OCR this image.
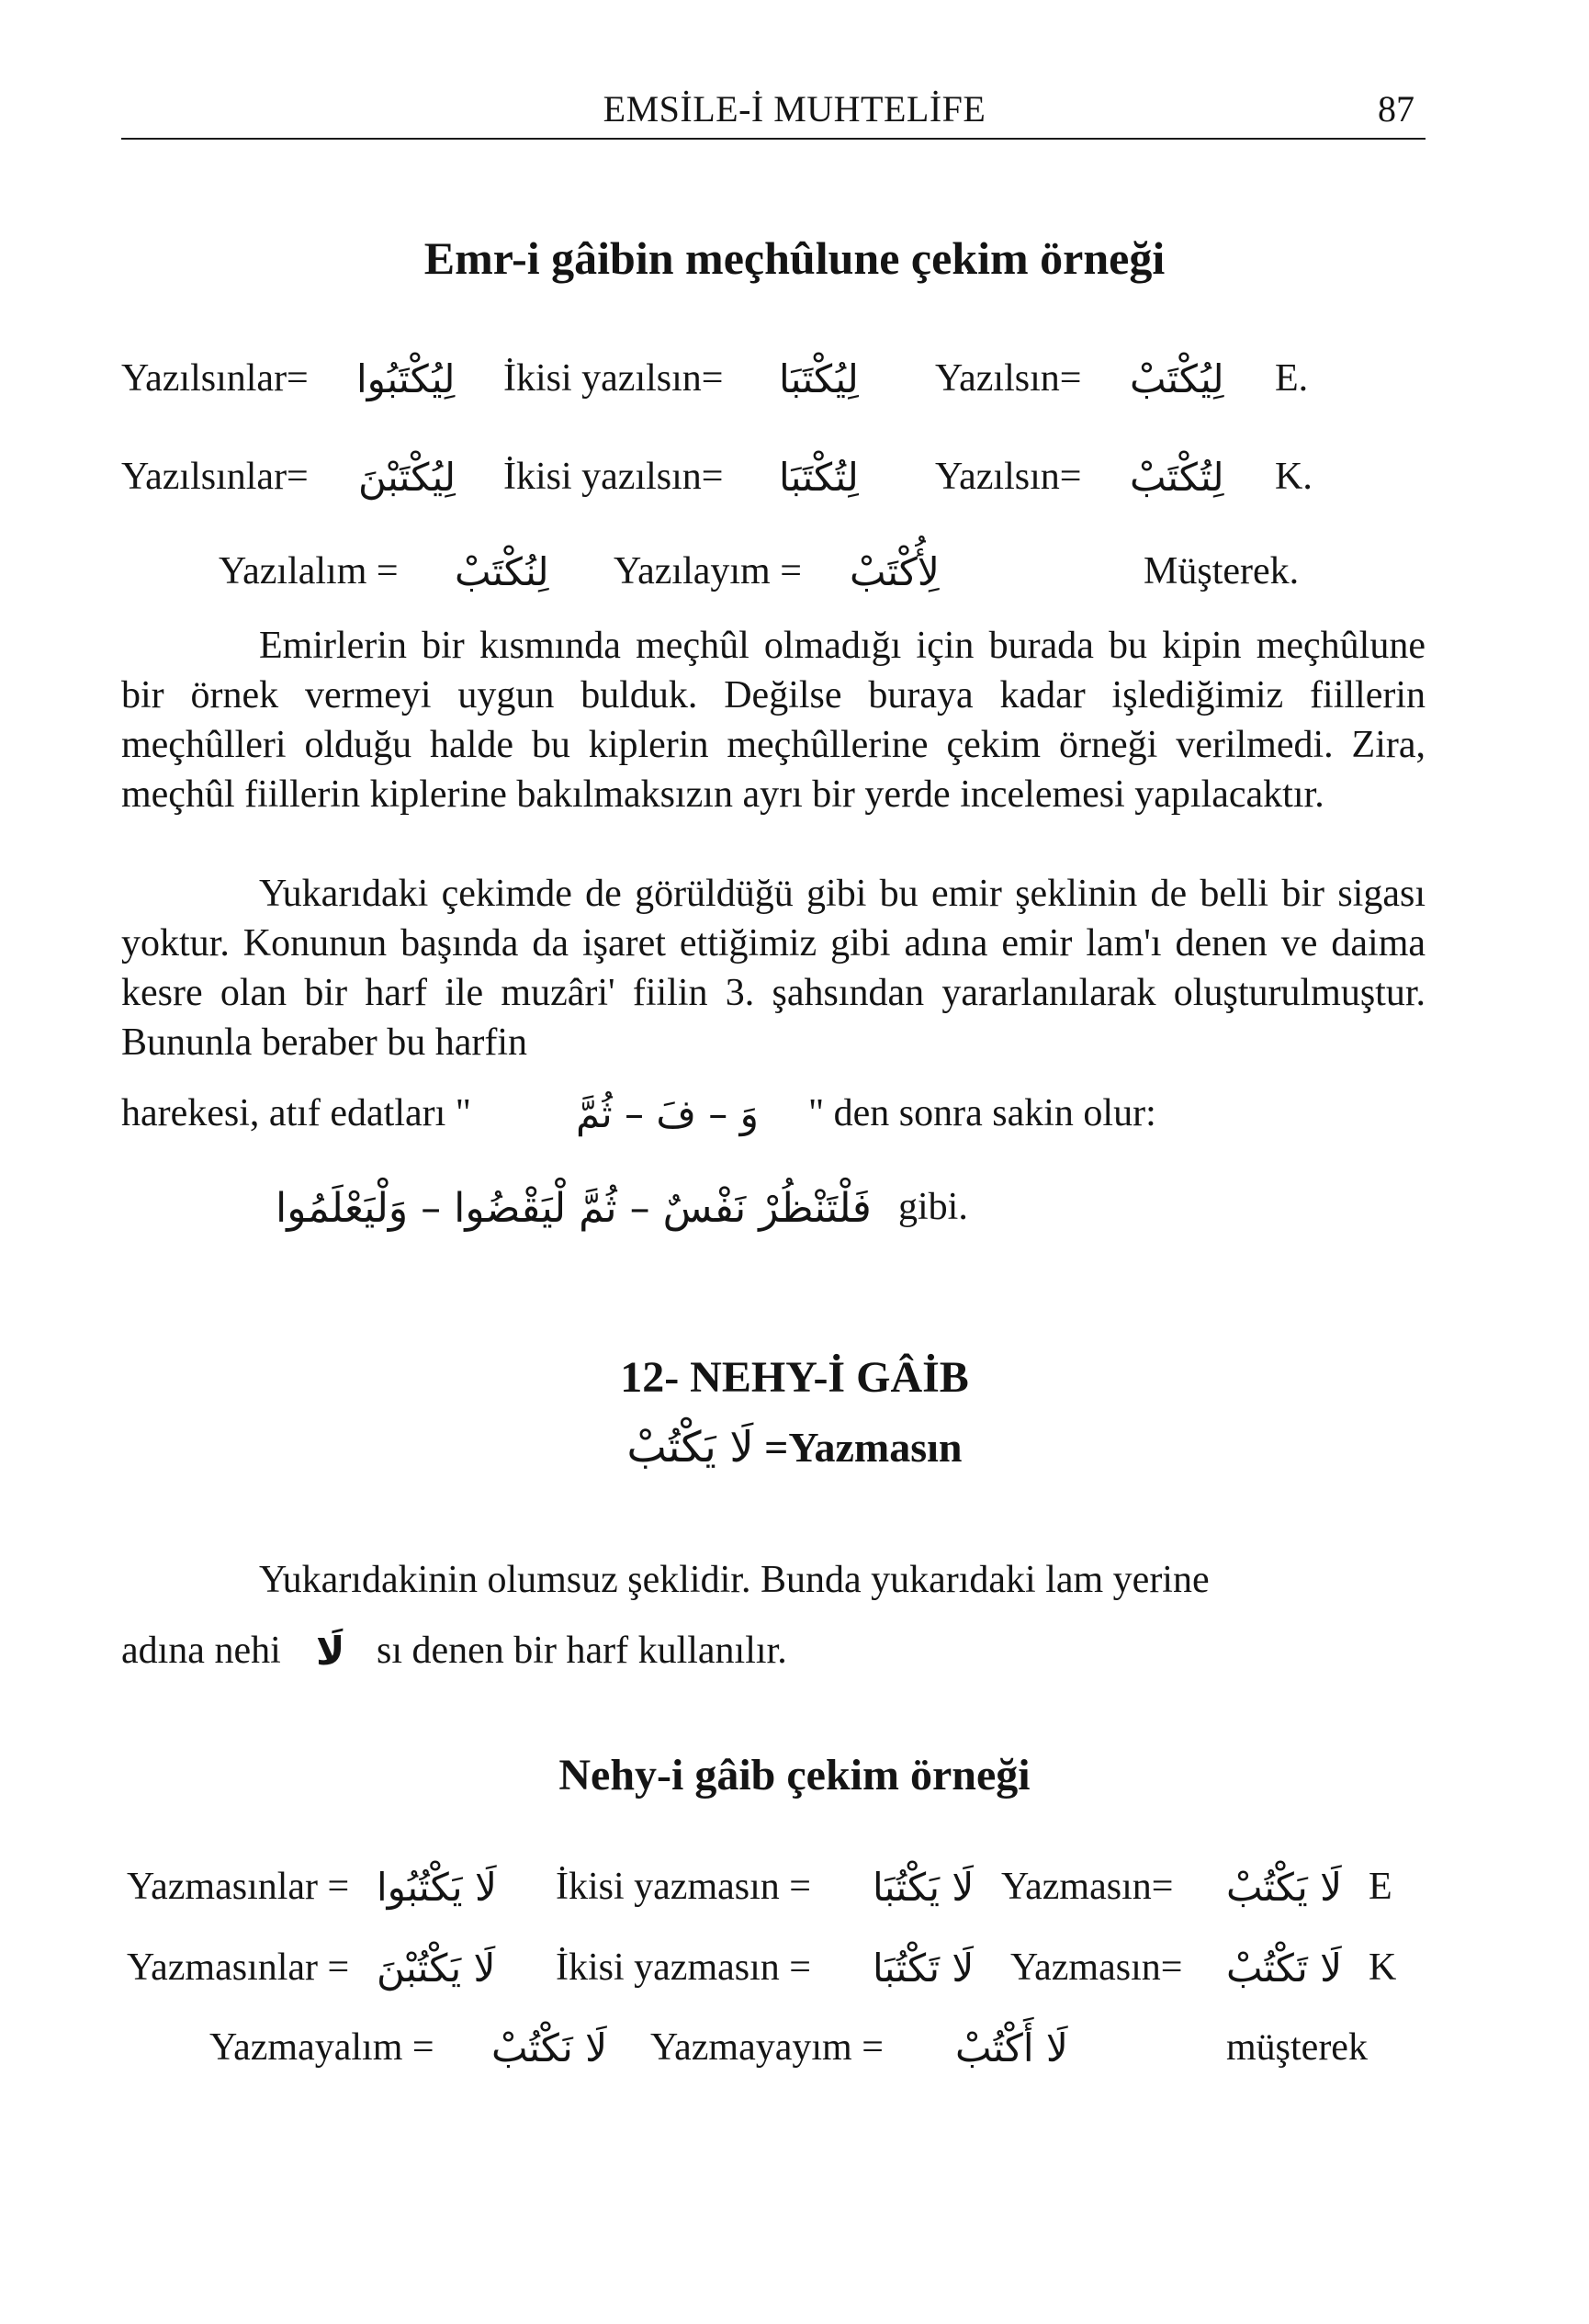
EMSİLE-İ MUHTELİFE	87
Emr-i gâibin meçhûlune çekim örneği
Yazılsınlar= لِيُكْتَبُوا İkisi yazılsın= لِيُكْتَبَا Yazılsın= لِيُكْتَبْ E.
Yazılsınlar= لِيُكْتَبْنَ İkisi yazılsın= لِتُكْتَبَا Yazılsın= لِتُكْتَبْ K.
Yazılalım = لِنُكْتَبْ Yazılayım = لِأُكْتَبْ	Müşterek.
Emirlerin bir kısmında meçhûl olmadığı için burada bu kipin meçhûlune bir örnek vermeyi uygun bulduk. Değilse buraya kadar işlediğimiz fiillerin meçhûlleri olduğu halde bu kiplerin meçhûllerine çekim örneği verilmedi. Zira, meçhûl fiillerin kiplerine bakılmaksızın ayrı bir yerde incelemesi yapılacaktır.
Yukarıdaki çekimde de görüldüğü gibi bu emir şeklinin de belli bir sigası yoktur. Konunun başında da işaret ettiğimiz gibi adına emir lam'ı denen ve daima kesre olan bir harf ile muzâri' fiilin 3. şahsından yararlanılarak oluşturulmuştur. Bununla beraber bu harfin
harekesi, atıf edatları "	وَ – فَ – ثُمَّ " den sonra sakin olur:
فَلْتَنْظُرْ نَفْسٌ – ثُمَّ لْيَقْضُوا – وَلْيَعْلَمُوا gibi.
12- NEHY-İ GÂİB
لَا يَكْتُبْ =Yazmasın
Yukarıdakinin olumsuz şeklidir. Bunda yukarıdaki lam yerine
adına nehi لَا sı denen bir harf kullanılır.
Nehy-i gâib çekim örneği
Yazmasınlar = لَا يَكْتُبُوا İkisi yazmasın = لَا يَكْتُبَا Yazmasın= لَا يَكْتُبْ E
Yazmasınlar = لَا يَكْتُبْنَ İkisi yazmasın = لَا تَكْتُبَا Yazmasın= لَا تَكْتُبْ K
Yazmayalım = لَا نَكْتُبْ Yazmayayım = لَا أَكْتُبْ	müşterek
